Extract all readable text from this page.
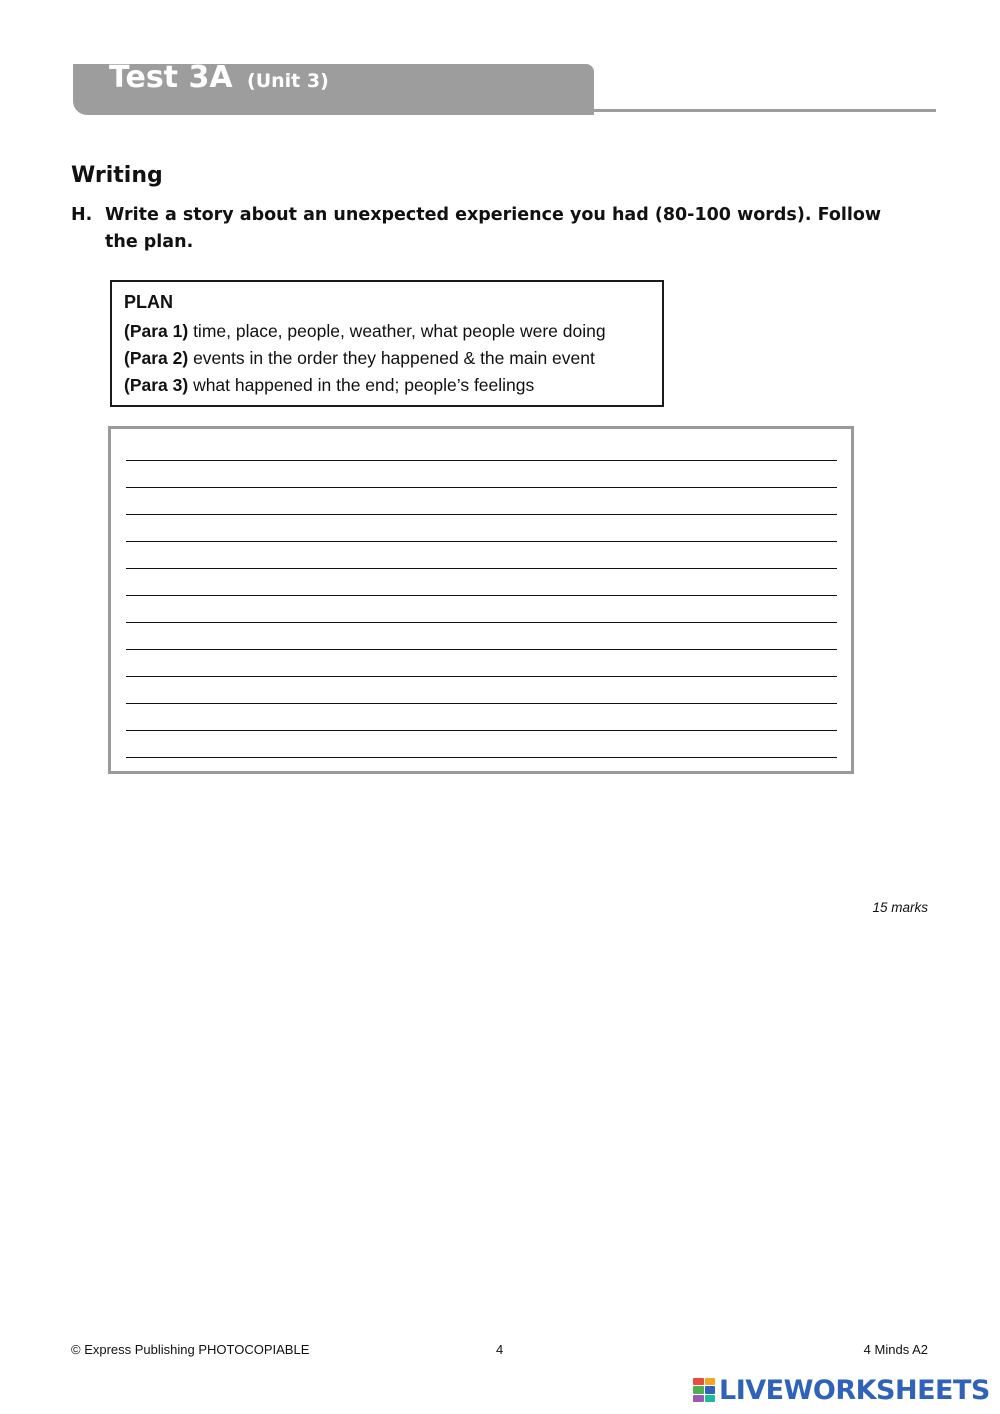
Test 3A (Unit 3)
Writing
H. Write a story about an unexpected experience you had (80-100 words). Follow the plan.
PLAN
(Para 1) time, place, people, weather, what people were doing
(Para 2) events in the order they happened & the main event
(Para 3) what happened in the end; people’s feelings
15 marks
© Express Publishing PHOTOCOPIABLE	4	4 Minds A2
LIVEWORKSHEETS
